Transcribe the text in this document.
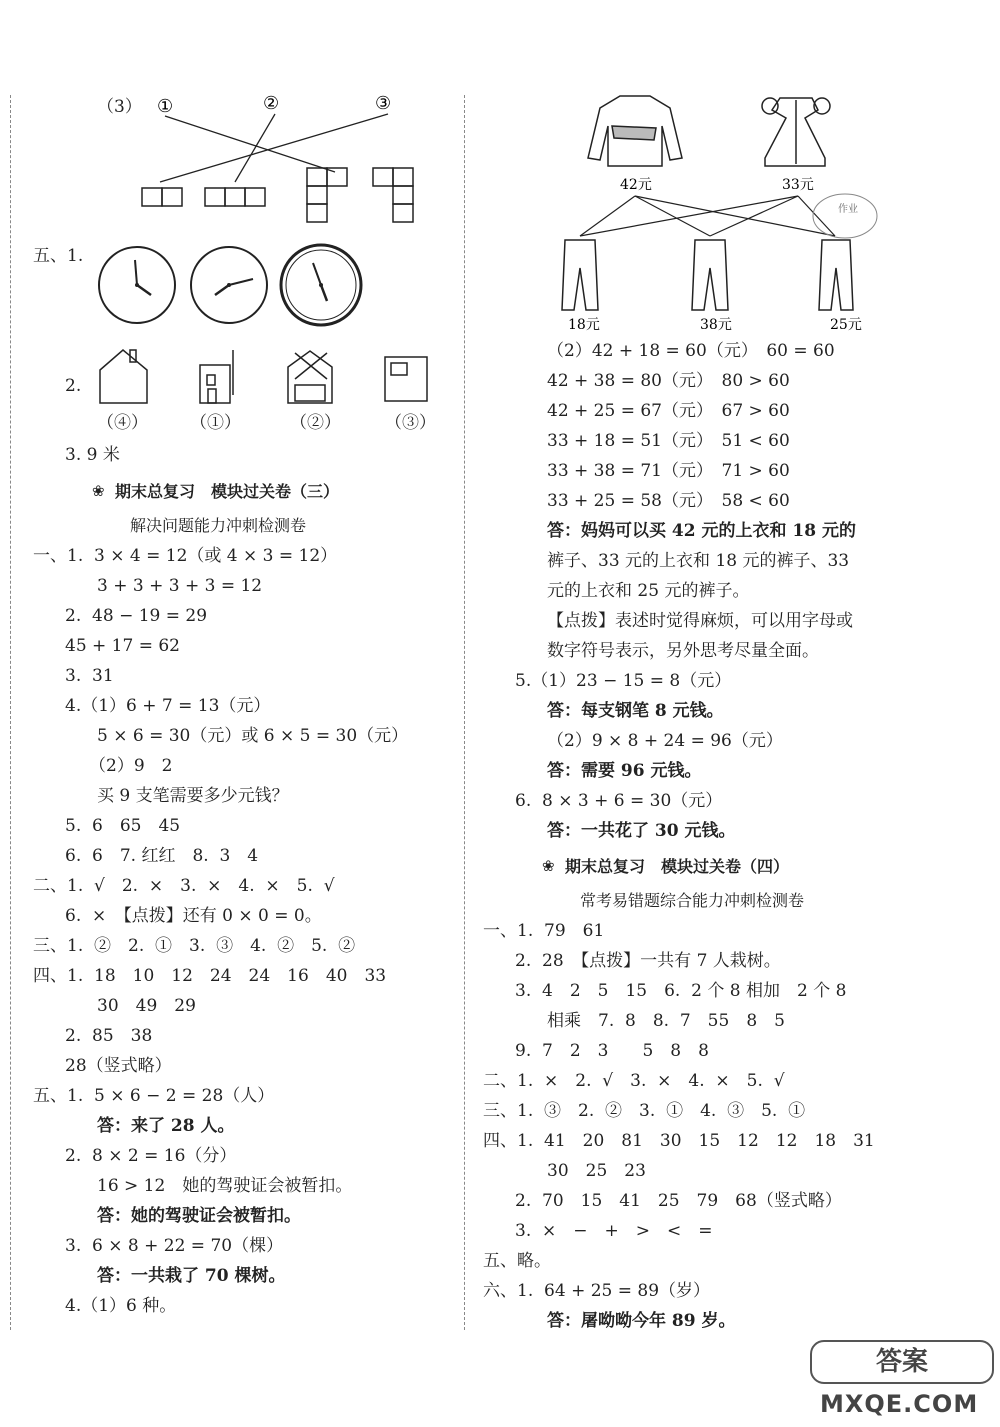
（3） ①	②	③
五、1.
2.
（④） （①）	（②）	（③）
3. 9 米
❀ 期末总复习　模块过关卷（三）
解决问题能力冲刺检测卷
一、1.  3 × 4 = 12（或 4 × 3 = 12）
3 + 3 + 3 + 3 = 12
2.  48 − 19 = 29
45 + 17 = 62
3.  31
4.（1）6 + 7 = 13（元）
5 × 6 = 30（元）或 6 × 5 = 30（元）
（2）9　2
买 9 支笔需要多少元钱？
5.  6　65　45
6.  6　7. 红红　8.  3　4
二、1.  √　2.  ×　3.  ×　4.  ×　5.  √
6.  ×　【点拨】还有 0 × 0 = 0。
三、1.  ②　2.  ①　3.  ③　4.  ②　5.  ②
四、1.  18　10　12　24　24　16　40　33
30　49　29
2.  85　38
28（竖式略）
五、1.  5 × 6 − 2 = 28（人）
答：来了 28 人。
2.  8 × 2 = 16（分）
16 > 12　她的驾驶证会被暂扣。
答：她的驾驶证会被暂扣。
3.  6 × 8 + 22 = 70（棵）
答：一共栽了 70 棵树。
4.（1）6 种。
42元	33元
18元	38元	25元
作业
（2）42 + 18 = 60（元）　60 = 60
42 + 38 = 80（元）　80 > 60
42 + 25 = 67（元）　67 > 60
33 + 18 = 51（元）　51 < 60
33 + 38 = 71（元）　71 > 60
33 + 25 = 58（元）　58 < 60
答：妈妈可以买 42 元的上衣和 18 元的
裤子、33 元的上衣和 18 元的裤子、33
元的上衣和 25 元的裤子。
【点拨】表述时觉得麻烦，可以用字母或
数字符号表示，另外思考尽量全面。
5.（1）23 − 15 = 8（元）
答：每支钢笔 8 元钱。
（2）9 × 8 + 24 = 96（元）
答：需要 96 元钱。
6.  8 × 3 + 6 = 30（元）
答：一共花了 30 元钱。
❀ 期末总复习　模块过关卷（四）
常考易错题综合能力冲刺检测卷
一、1.  79　61
2.  28　【点拨】一共有 7 人栽树。
3.  4　2　5　15　6.  2 个 8 相加　2 个 8
相乘　7.  8　8.  7　55　8　5
9.  7　2　3　　5　8　8
二、1.  ×　2.  √　3.  ×　4.  ×　5.  √
三、1.  ③　2.  ②　3.  ①　4.  ③　5.  ①
四、1.  41　20　81　30　15　12　12　18　31
30　25　23
2.  70　15　41　25　79　68（竖式略）
3.  ×　−　+　>　<　=
五、略。
六、1.  64 + 25 = 89（岁）
答：屠呦呦今年 89 岁。
答案
MXQE.COM
